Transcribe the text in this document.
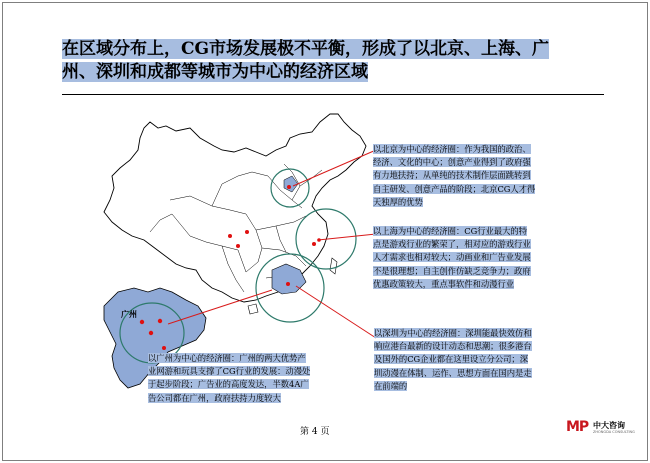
在区域分布上，CG市场发展极不平衡，形成了以北京、上海、广
州、深圳和成都等城市为中心的经济区域
广州
以北京为中心的经济圈：作为我国的政治、
经济、文化的中心；创意产业得到了政府强
有力地扶持；从单纯的技术制作层面跳转到
自主研发、创意产品的阶段；北京CG人才得
天独厚的优势
以上海为中心的经济圈：CG行业最大的特
点是游戏行业的繁荣了，相对应的游戏行业
人才需求也相对较大；动画业和广告业发展
不是很理想；自主创作仿缺乏竞争力；政府
优惠政策较大，重点事软件和动漫行业
以深圳为中心的经济圈：深圳能最快效仿和
响应港台最新的设计动态和思潮；很多港台
及国外的CG企业都在这里设立分公司；深
圳动漫在体制、运作、思想方面在国内是走
在前端的
以广州为中心的经济圈：广州的两大优势产
业网游和玩具支撑了CG行业的发展：动漫处
于起步阶段；广告业的高度发达，半数4A广
告公司都在广州，政府扶持力度较大
第 4 页	MP 中大咨询
ZHONGDA CONSULTING
